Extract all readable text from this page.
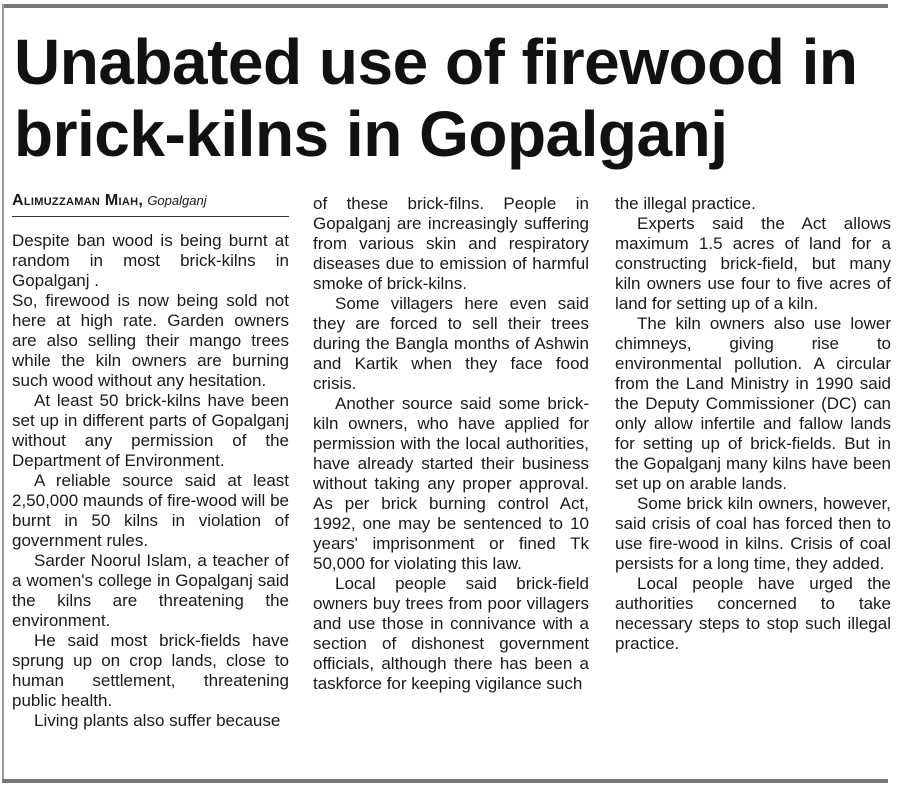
Unabated use of firewood in brick-kilns in Gopalganj
Alimuzzaman Miah, Gopalganj

Despite ban wood is being burnt at random in most brick-kilns in Gopalganj .

So, firewood is now being sold not here at high rate. Garden owners are also selling their mango trees while the kiln owners are burning such wood without any hesitation.

At least 50 brick-kilns have been set up in different parts of Gopalganj without any permission of the Department of Environment.

A reliable source said at least 2,50,000 maunds of fire-wood will be burnt in 50 kilns in violation of government rules.

Sarder Noorul Islam, a teacher of a women's college in Gopalganj said the kilns are threatening the environment.

He said most brick-fields have sprung up on crop lands, close to human settlement, threatening public health.

Living plants also suffer because

of these brick-filns. People in Gopalganj are increasingly suffering from various skin and respiratory diseases due to emission of harmful smoke of brick-kilns.

Some villagers here even said they are forced to sell their trees during the Bangla months of Ashwin and Kartik when they face food crisis.

Another source said some brick-kiln owners, who have applied for permission with the local authorities, have already started their business without taking any proper approval. As per brick burning control Act, 1992, one may be sentenced to 10 years' imprisonment or fined Tk 50,000 for violating this law.

Local people said brick-field owners buy trees from poor villagers and use those in connivance with a section of dishonest government officials, although there has been a taskforce for keeping vigilance such

the illegal practice.

Experts said the Act allows maximum 1.5 acres of land for a constructing brick-field, but many kiln owners use four to five acres of land for setting up of a kiln.

The kiln owners also use lower chimneys, giving rise to environmental pollution. A circular from the Land Ministry in 1990 said the Deputy Commissioner (DC) can only allow infertile and fallow lands for setting up of brick-fields. But in the Gopalganj many kilns have been set up on arable lands.

Some brick kiln owners, however, said crisis of coal has forced then to use fire-wood in kilns. Crisis of coal persists for a long time, they added.

Local people have urged the authorities concerned to take necessary steps to stop such illegal practice.
